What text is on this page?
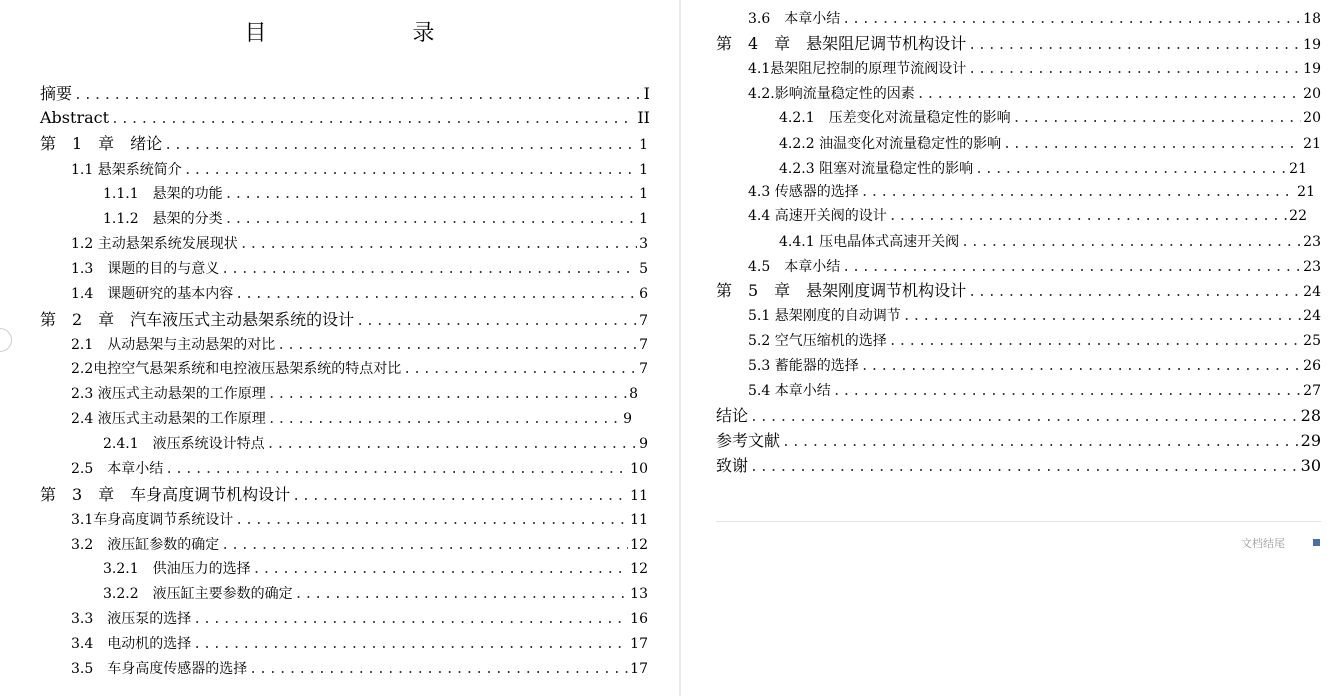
目　　录
摘要 .....	I
Abstract .....	II
第　1　章　绪论 .....	1
1.1 悬架系统简介 .....	1
1.1.1　悬架的功能 .....	1
1.1.2　悬架的分类 .....	1
1.2 主动悬架系统发展现状 .....	3
1.3　课题的目的与意义 .....	5
1.4　课题研究的基本内容 .....	6
第　2　章　汽车液压式主动悬架系统的设计 .....	7
2.1　从动悬架与主动悬架的对比 .....	7
2.2电控空气悬架系统和电控液压悬架系统的特点对比 .....	7
2.3 液压式主动悬架的工作原理 .....	8
2.4 液压式主动悬架的工作原理 .....	9
2.4.1　液压系统设计特点 .....	9
2.5　本章小结 .....	10
第　3　章　车身高度调节机构设计 .....	11
3.1车身高度调节系统设计 .....	11
3.2　液压缸参数的确定 .....	12
3.2.1　供油压力的选择 .....	12
3.2.2　液压缸主要参数的确定 .....	13
3.3　液压泵的选择 .....	16
3.4　电动机的选择 .....	17
3.5　车身高度传感器的选择 .....	17
文档结尾
3.6　本章小结 .....	18
第　4　章　悬架阻尼调节机构设计 .....	19
4.1悬架阻尼控制的原理节流阀设计 .....	19
4.2.影响流量稳定性的因素 .....	20
4.2.1　压差变化对流量稳定性的影响 .....	20
4.2.2 油温变化对流量稳定性的影响 .....	21
4.2.3 阻塞对流量稳定性的影响 .....	21
4.3 传感器的选择 .....	21
4.4 高速开关阀的设计 .....	22
4.4.1 压电晶体式高速开关阀 .....	23
4.5　本章小结 .....	23
第　5　章　悬架刚度调节机构设计 .....	24
5.1 悬架刚度的自动调节 .....	24
5.2 空气压缩机的选择 .....	25
5.3 蓄能器的选择 .....	26
5.4 本章小结 .....	27
结论 .....	28
参考文献 .....	29
致谢 .....	30
